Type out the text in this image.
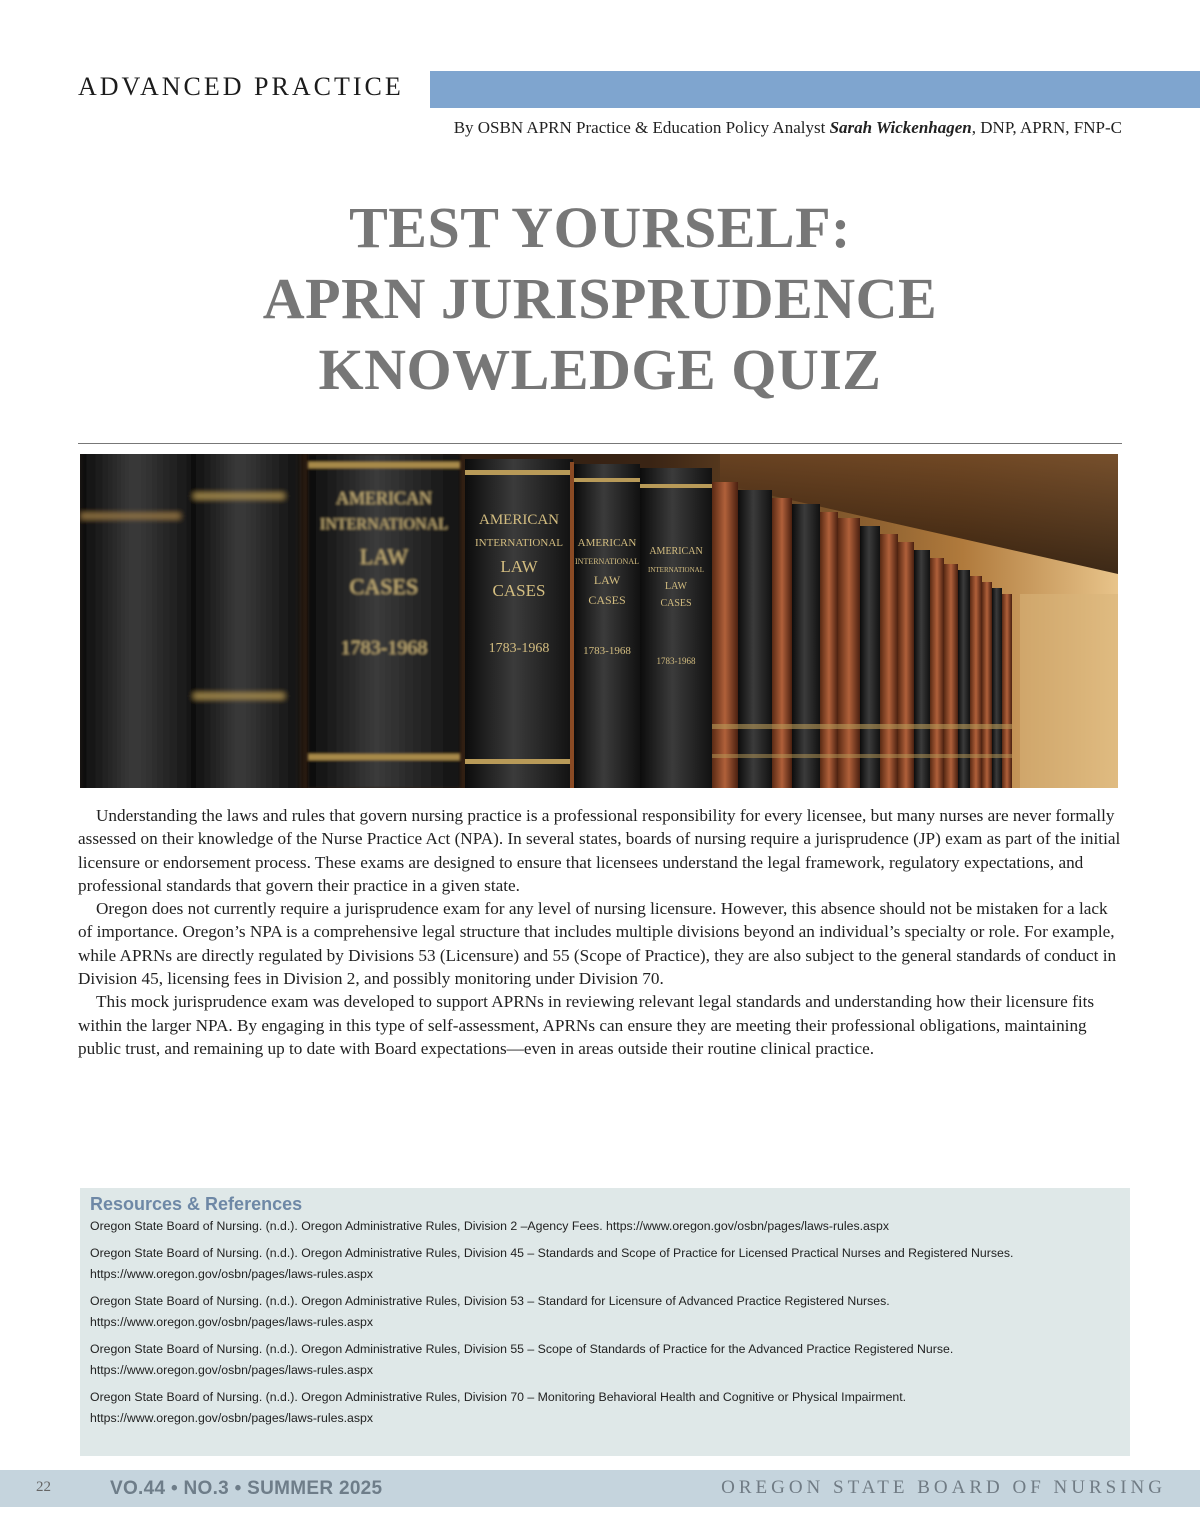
ADVANCED PRACTICE
By OSBN APRN Practice & Education Policy Analyst Sarah Wickenhagen, DNP, APRN, FNP-C
TEST YOURSELF:
APRN JURISPRUDENCE
KNOWLEDGE QUIZ
AMERICAN
INTERNATIONAL
LAW
CASES
1783-1968
AMERICAN
INTERNATIONAL
LAW
CASES
1783-1968
AMERICAN
INTERNATIONAL
LAW
CASES
1783-1968
AMERICAN
INTERNATIONAL
LAW
CASES
1783-1968

Understanding the laws and rules that govern nursing practice is a professional responsibility for every licensee, but many nurses are never formally assessed on their knowledge of the Nurse Practice Act (NPA). In several states, boards of nursing require a jurisprudence (JP) exam as part of the initial licensure or endorsement process. These exams are designed to ensure that licensees understand the legal framework, regulatory expectations, and professional standards that govern their practice in a given state.

Oregon does not currently require a jurisprudence exam for any level of nursing licensure. However, this absence should not be mistaken for a lack of importance. Oregon’s NPA is a comprehensive legal structure that includes multiple divisions beyond an individual’s specialty or role. For example, while APRNs are directly regulated by Divisions 53 (Licensure) and 55 (Scope of Practice), they are also subject to the general standards of conduct in Division 45, licensing fees in Division 2, and possibly monitoring under Division 70.

This mock jurisprudence exam was developed to support APRNs in reviewing relevant legal standards and understanding how their licensure fits within the larger NPA. By engaging in this type of self-assessment, APRNs can ensure they are meeting their professional obligations, maintaining public trust, and remaining up to date with Board expectations—even in areas outside their routine clinical practice.

Resources & References

Oregon State Board of Nursing. (n.d.). Oregon Administrative Rules, Division 2 –Agency Fees. https://www.oregon.gov/osbn/pages/laws-rules.aspx

Oregon State Board of Nursing. (n.d.). Oregon Administrative Rules, Division 45 – Standards and Scope of Practice for Licensed Practical Nurses and Registered Nurses. https://www.oregon.gov/osbn/pages/laws-rules.aspx

Oregon State Board of Nursing. (n.d.). Oregon Administrative Rules, Division 53 – Standard for Licensure of Advanced Practice Registered Nurses. https://www.oregon.gov/osbn/pages/laws-rules.aspx

Oregon State Board of Nursing. (n.d.). Oregon Administrative Rules, Division 55 – Scope of Standards of Practice for the Advanced Practice Registered Nurse. https://www.oregon.gov/osbn/pages/laws-rules.aspx

Oregon State Board of Nursing. (n.d.). Oregon Administrative Rules, Division 70 – Monitoring Behavioral Health and Cognitive or Physical Impairment. https://www.oregon.gov/osbn/pages/laws-rules.aspx

22	VO.44 • NO.3 • SUMMER 2025	OREGON STATE BOARD OF NURSING
